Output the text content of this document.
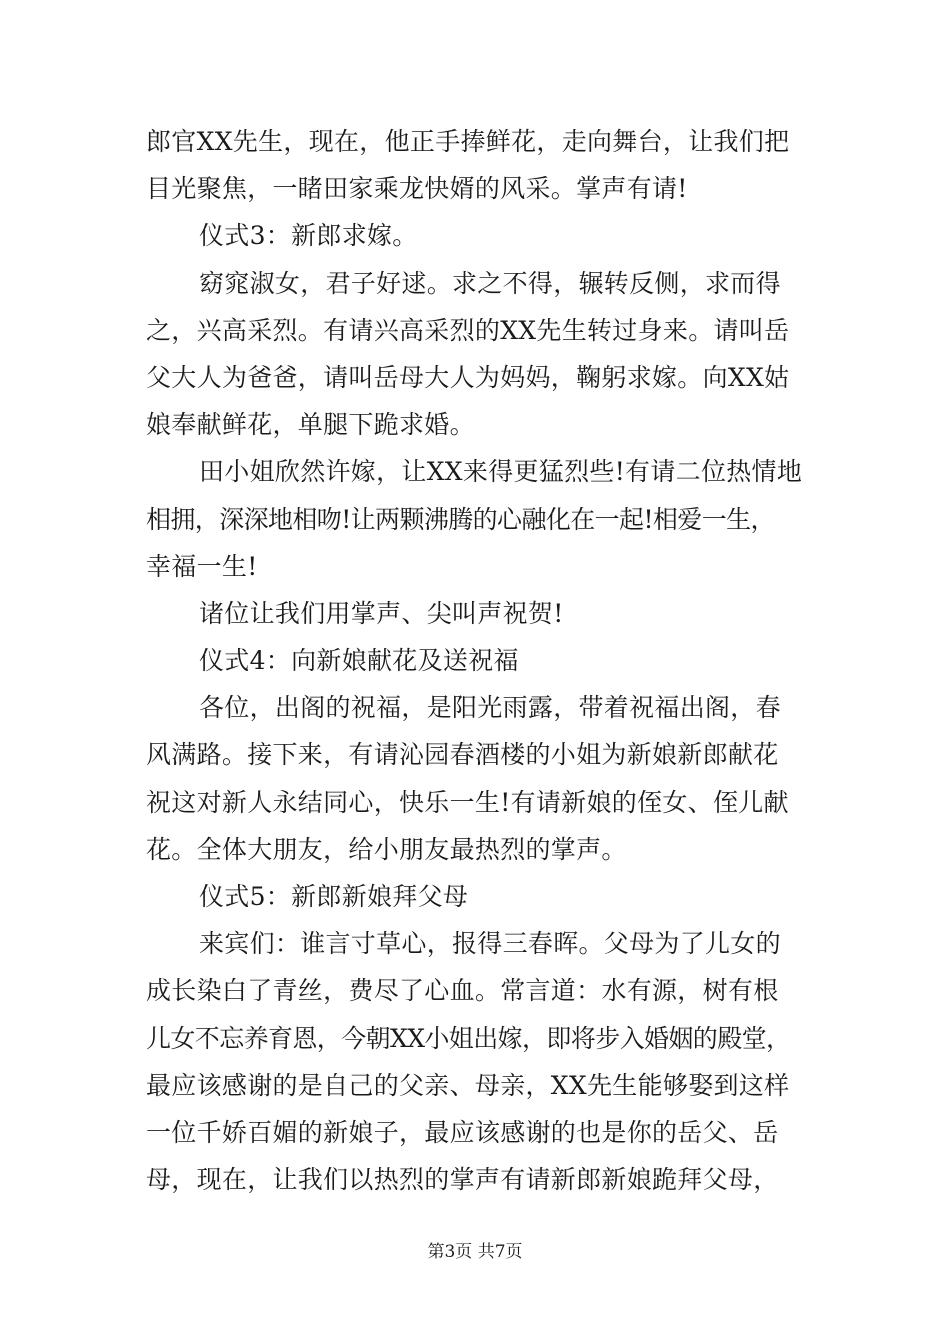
郎官XX先生，现在，他正手捧鲜花，走向舞台，让我们把
目光聚焦，一睹田家乘龙快婿的风采。掌声有请!
仪式3：新郎求嫁。
窈窕淑女，君子好逑。求之不得，辗转反侧，求而得
之，兴高采烈。有请兴高采烈的XX先生转过身来。请叫岳
父大人为爸爸，请叫岳母大人为妈妈，鞠躬求嫁。向XX姑
娘奉献鲜花，单腿下跪求婚。
田小姐欣然许嫁，让XX来得更猛烈些!有请二位热情地
相拥，深深地相吻!让两颗沸腾的心融化在一起!相爱一生，
幸福一生!
诸位让我们用掌声、尖叫声祝贺!
仪式4：向新娘献花及送祝福
各位，出阁的祝福，是阳光雨露，带着祝福出阁，春
风满路。接下来，有请沁园春酒楼的小姐为新娘新郎献花
祝这对新人永结同心，快乐一生!有请新娘的侄女、侄儿献
花。全体大朋友，给小朋友最热烈的掌声。
仪式5：新郎新娘拜父母
来宾们：谁言寸草心，报得三春晖。父母为了儿女的
成长染白了青丝，费尽了心血。常言道：水有源，树有根
儿女不忘养育恩，今朝XX小姐出嫁，即将步入婚姻的殿堂，
最应该感谢的是自己的父亲、母亲，XX先生能够娶到这样
一位千娇百媚的新娘子，最应该感谢的也是你的岳父、岳
母，现在，让我们以热烈的掌声有请新郎新娘跪拜父母，
第3页 共7页
